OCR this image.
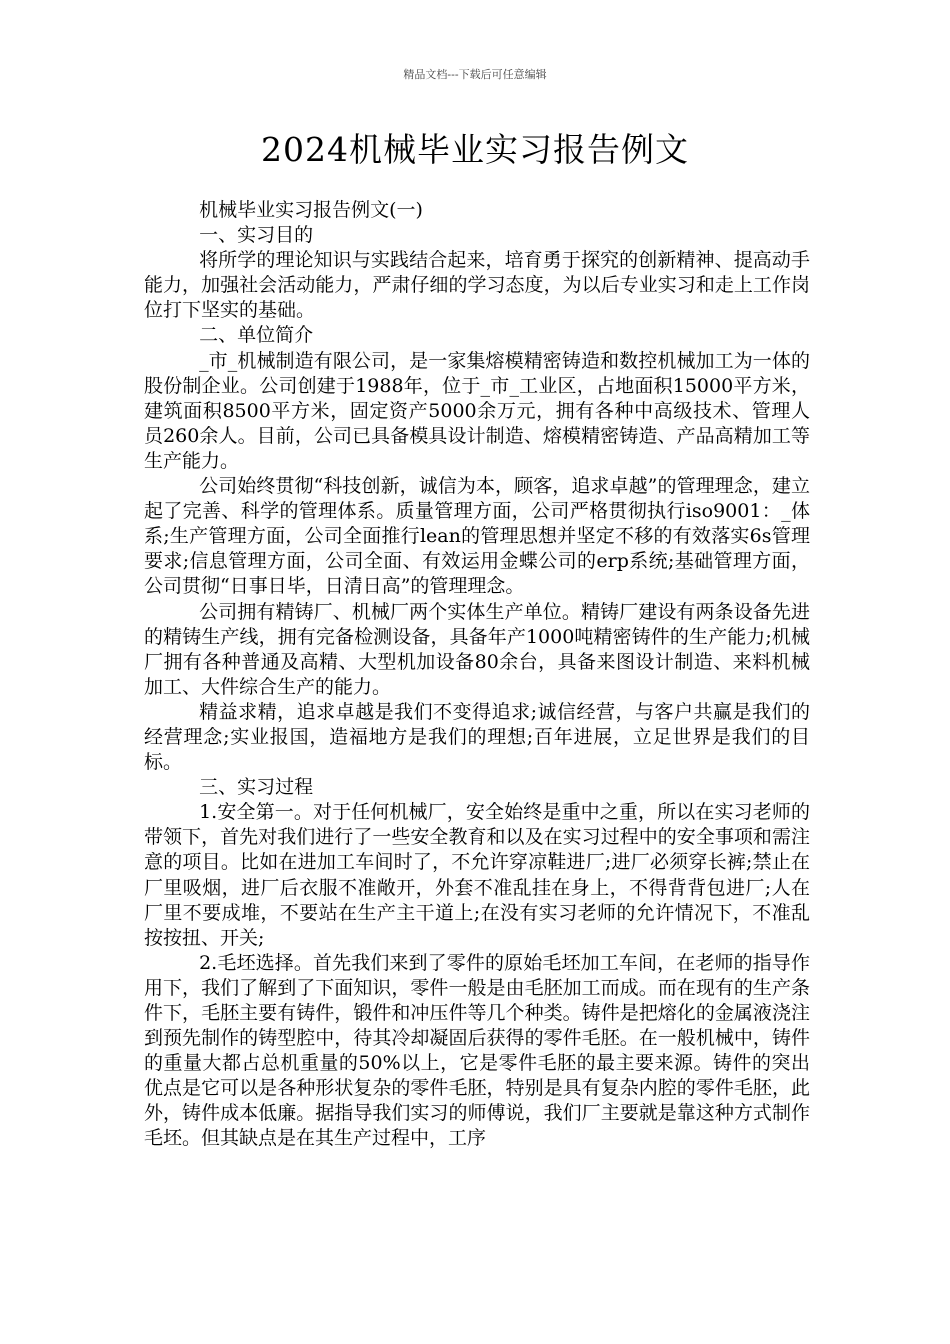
精品文档---下载后可任意编辑
2024机械毕业实习报告例文

机械毕业实习报告例文(一)

一、实习目的

将所学的理论知识与实践结合起来，培育勇于探究的创新精神、提高动手能力，加强社会活动能力，严肃仔细的学习态度，为以后专业实习和走上工作岗位打下坚实的基础。

二、单位简介

_市_机械制造有限公司，是一家集熔模精密铸造和数控机械加工为一体的股份制企业。公司创建于1988年，位于_市_工业区，占地面积15000平方米，建筑面积8500平方米，固定资产5000余万元，拥有各种中高级技术、管理人员260余人。目前，公司已具备模具设计制造、熔模精密铸造、产品高精加工等生产能力。

公司始终贯彻“科技创新，诚信为本，顾客，追求卓越”的管理理念，建立起了完善、科学的管理体系。质量管理方面，公司严格贯彻执行iso9001：_体系;生产管理方面，公司全面推行lean的管理思想并坚定不移的有效落实6s管理要求;信息管理方面，公司全面、有效运用金蝶公司的erp系统;基础管理方面，公司贯彻“日事日毕，日清日高”的管理理念。

公司拥有精铸厂、机械厂两个实体生产单位。精铸厂建设有两条设备先进的精铸生产线，拥有完备检测设备，具备年产1000吨精密铸件的生产能力;机械厂拥有各种普通及高精、大型机加设备80余台，具备来图设计制造、来料机械加工、大件综合生产的能力。

精益求精，追求卓越是我们不变得追求;诚信经营，与客户共赢是我们的经营理念;实业报国，造福地方是我们的理想;百年进展，立足世界是我们的目标。

三、实习过程

1.安全第一。对于任何机械厂，安全始终是重中之重，所以在实习老师的带领下，首先对我们进行了一些安全教育和以及在实习过程中的安全事项和需注意的项目。比如在进加工车间时了，不允许穿凉鞋进厂;进厂必须穿长裤;禁止在厂里吸烟，进厂后衣服不准敞开，外套不准乱挂在身上，不得背背包进厂;人在厂里不要成堆，不要站在生产主干道上;在没有实习老师的允许情况下，不准乱按按扭、开关;

2.毛坯选择。首先我们来到了零件的原始毛坯加工车间，在老师的指导作用下，我们了解到了下面知识，零件一般是由毛胚加工而成。而在现有的生产条件下，毛胚主要有铸件，锻件和冲压件等几个种类。铸件是把熔化的金属液浇注到预先制作的铸型腔中，待其冷却凝固后获得的零件毛胚。在一般机械中，铸件的重量大都占总机重量的50%以上，它是零件毛胚的最主要来源。铸件的突出优点是它可以是各种形状复杂的零件毛胚，特别是具有复杂内腔的零件毛胚，此外，铸件成本低廉。据指导我们实习的师傅说，我们厂主要就是靠这种方式制作毛坯。但其缺点是在其生产过程中，工序
